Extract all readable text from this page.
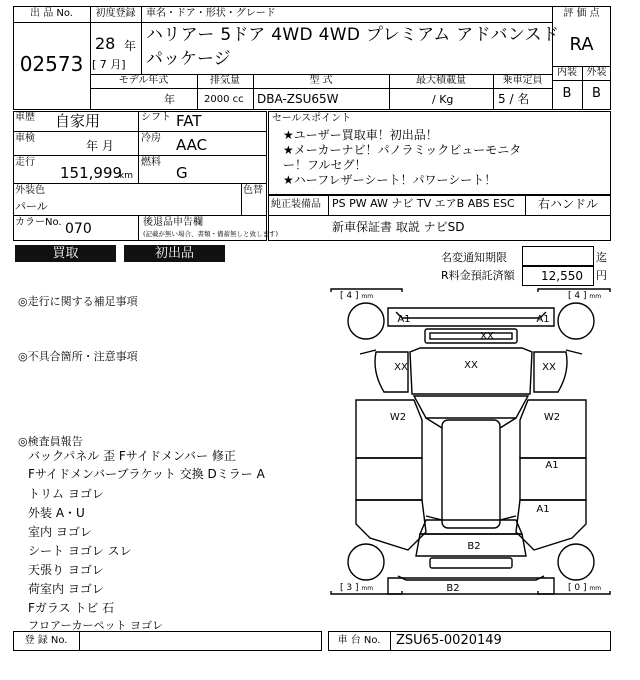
出 品 No.
02573
初度登録
28 年
[ 7 月]
車名・ドア・形状・グレード
ハリアー 5ドア 4WD 4WD プレミアム アドバンスド
パッケージ
評 価 点
RA
内装 外装
B	B
モデル年式	排気量	型 式	最大積載量	乗車定員
年	2000 cc DBA-ZSU65W	/ Kg	5 / 名
車歴 自家用	シフト FAT
車検
年 月
冷房 AAC
走行
151,999
km
燃料
G
外装色
パール
色替
カラーNo. 070	後退品申告欄
(記載が無い場合、書類・備蓄無しと致します)
セールスポイント
★ユーザー買取車！初出品！
★メーカーナビ！パノラミックビューモニタ
ー！フルセグ！
★ハーフレザーシート！パワーシート！
純正装備品 PS PW AW ナビ TV エアB ABS ESC	右ハンドル
新車保証書 取説 ナビSD
買取	初出品	名変通知期限	迄
R料金預託済額 12,550 円
◎走行に関する補足事項
◎不具合箇所・注意事項
◎検査員報告
バックパネル 歪 Fサイドメンバー 修正
Fサイドメンバーブラケット 交換 Dミラー A
トリム ヨゴレ
外装 A・U
室内 ヨゴレ
シート ヨゴレ スレ
天張り ヨゴレ
荷室内 ヨゴレ
Fガラス トビ 石
フロアーカーペット ヨゴレ
[ 4 ] mm	[ 4 ] mm
[ 3 ] mm	[ 0 ] mm
A1	A1
XX
XX	XX	XX
W2	W2
A1
A1
B2
B2
登 録 No.	車 台 No.	ZSU65-0020149
